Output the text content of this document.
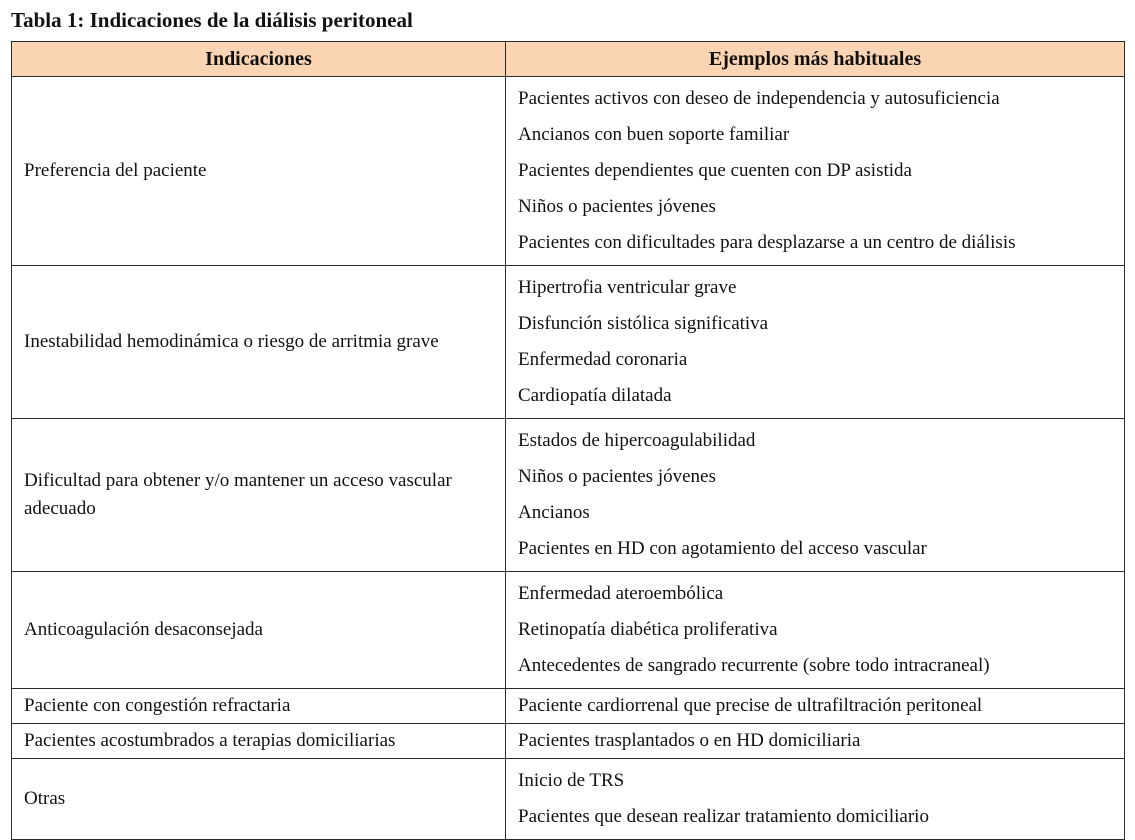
Tabla 1: Indicaciones de la diálisis peritoneal
Indicaciones	Ejemplos más habituales
Preferencia del paciente	Pacientes activos con deseo de independencia y autosuficiencia
Ancianos con buen soporte familiar
Pacientes dependientes que cuenten con DP asistida
Niños o pacientes jóvenes
Pacientes con dificultades para desplazarse a un centro de diálisis

Inestabilidad hemodinámica o riesgo de arritmia grave	Hipertrofia ventricular grave
Disfunción sistólica significativa
Enfermedad coronaria
Cardiopatía dilatada

Dificultad para obtener y/o mantener un acceso vascular adecuado	Estados de hipercoagulabilidad
Niños o pacientes jóvenes
Ancianos
Pacientes en HD con agotamiento del acceso vascular

Anticoagulación desaconsejada	Enfermedad ateroembólica
Retinopatía diabética proliferativa
Antecedentes de sangrado recurrente (sobre todo intracraneal)

Paciente con congestión refractaria	Paciente cardiorrenal que precise de ultrafiltración peritoneal

Pacientes acostumbrados a terapias domiciliarias	Pacientes trasplantados o en HD domiciliaria

Otras	Inicio de TRS
Pacientes que desean realizar tratamiento domiciliario
